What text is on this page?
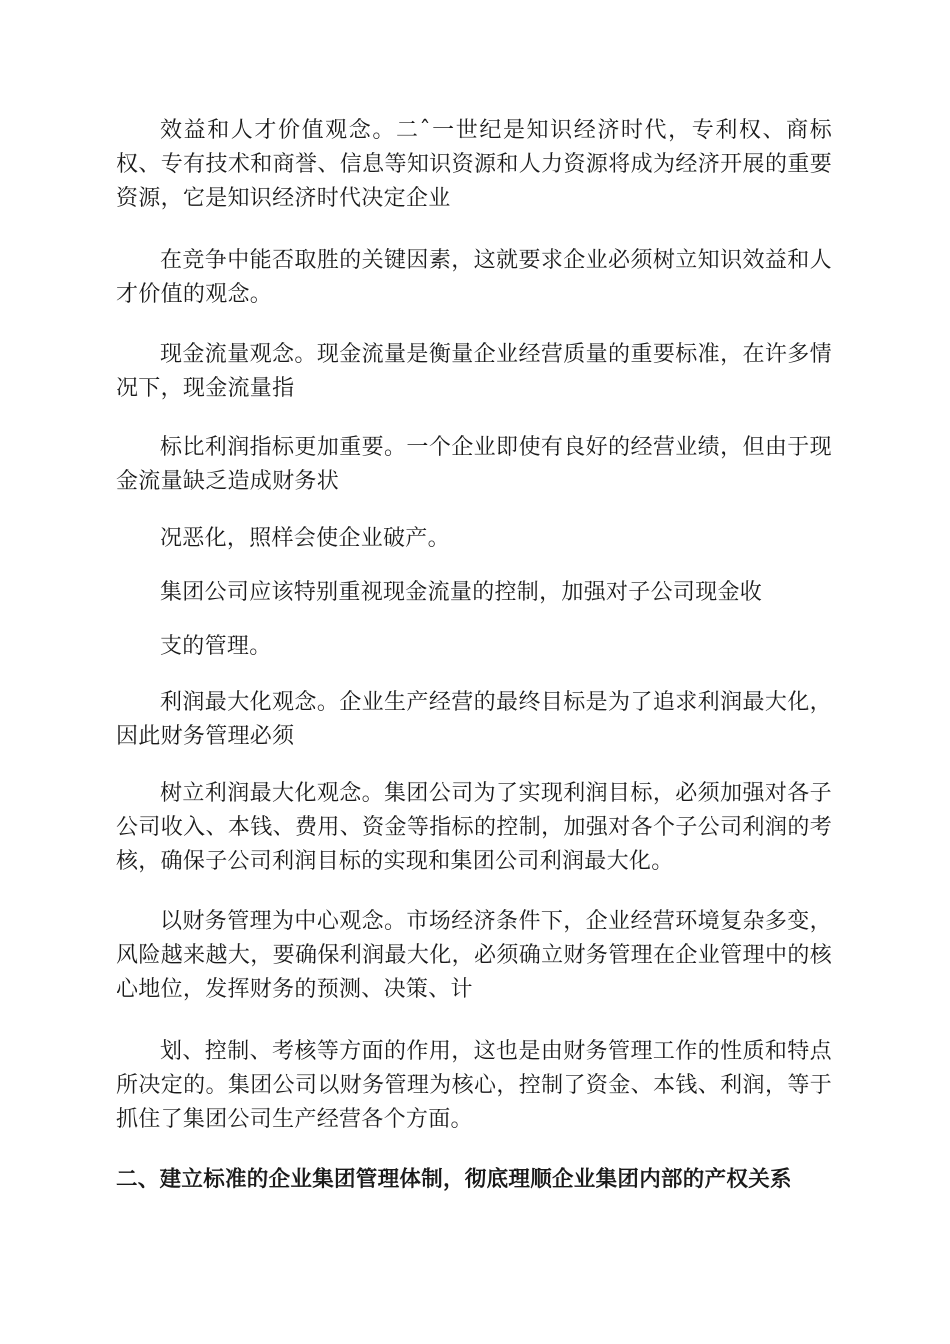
效益和人才价值观念。二ˆ一世纪是知识经济时代，专利权、商标权、专有技术和商誉、信息等知识资源和人力资源将成为经济开展的重要资源，它是知识经济时代决定企业

在竞争中能否取胜的关键因素，这就要求企业必须树立知识效益和人才价值的观念。

现金流量观念。现金流量是衡量企业经营质量的重要标准，在许多情况下，现金流量指

标比利润指标更加重要。一个企业即使有良好的经营业绩，但由于现金流量缺乏造成财务状

况恶化，照样会使企业破产。

集团公司应该特别重视现金流量的控制，加强对子公司现金收

支的管理。

利润最大化观念。企业生产经营的最终目标是为了追求利润最大化，因此财务管理必须

树立利润最大化观念。集团公司为了实现利润目标，必须加强对各子公司收入、本钱、费用、资金等指标的控制，加强对各个子公司利润的考核，确保子公司利润目标的实现和集团公司利润最大化。

以财务管理为中心观念。市场经济条件下，企业经营环境复杂多变，风险越来越大，要确保利润最大化，必须确立财务管理在企业管理中的核心地位，发挥财务的预测、决策、计

划、控制、考核等方面的作用，这也是由财务管理工作的性质和特点所决定的。集团公司以财务管理为核心，控制了资金、本钱、利润，等于抓住了集团公司生产经营各个方面。

二、建立标准的企业集团管理体制，彻底理顺企业集团内部的产权关系
